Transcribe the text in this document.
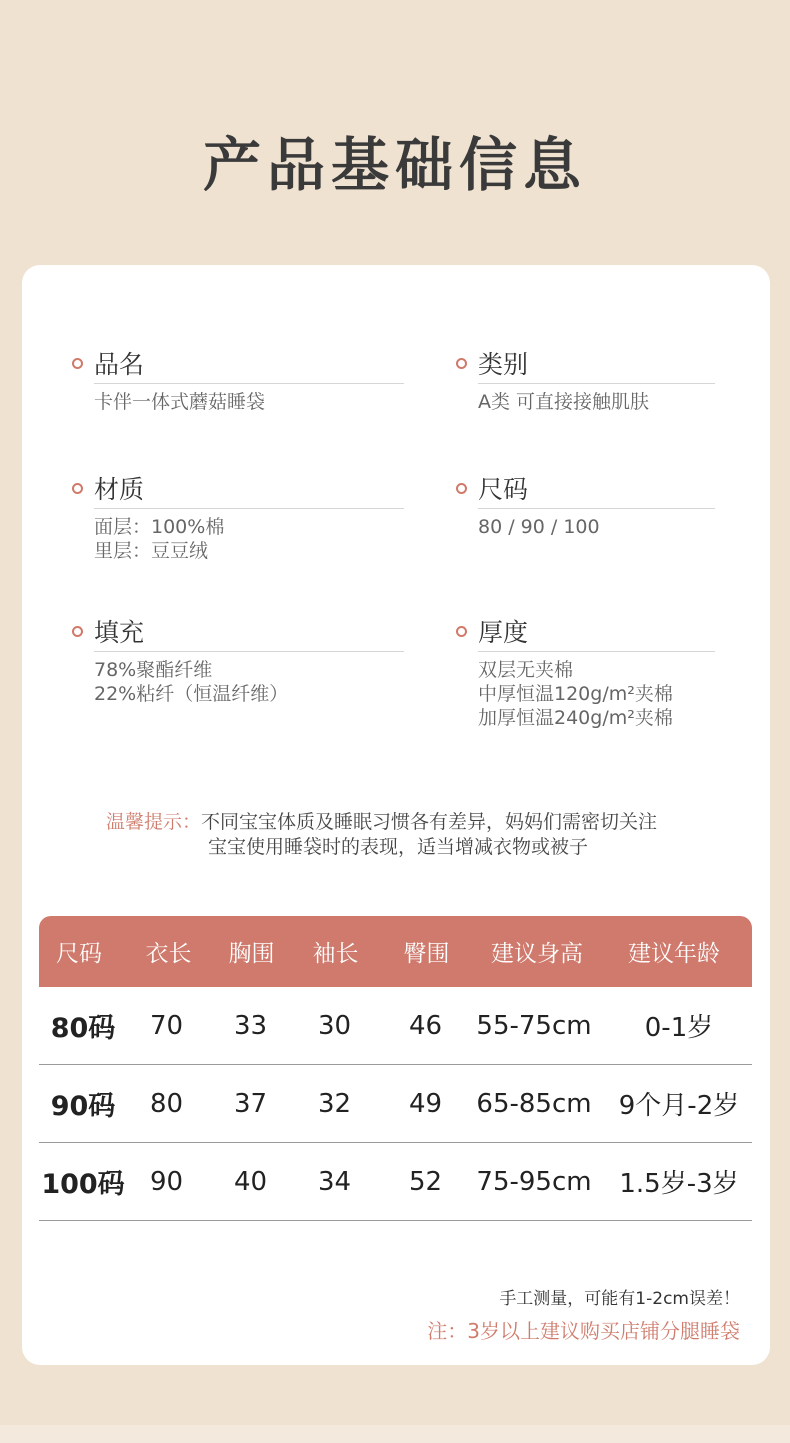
产品基础信息
品名
卡伴一体式蘑菇睡袋
类别
A类 可直接接触肌肤
材质
面层：100%棉
里层：豆豆绒
尺码
80 / 90 / 100
填充
78%聚酯纤维
22%粘纤（恒温纤维）
厚度
双层无夹棉
中厚恒温120g/m²夹棉
加厚恒温240g/m²夹棉
温馨提示：不同宝宝体质及睡眠习惯各有差异，妈妈们需密切关注
宝宝使用睡袋时的表现，适当增减衣物或被子
尺码	衣长	胸围	袖长	臀围	建议身高	建议年龄
80码	70	33	30	46	55-75cm	0-1岁
90码	80	37	32	49	65-85cm	9个月-2岁
100码 90	40	34	52	75-95cm	1.5岁-3岁
手工测量，可能有1-2cm误差！
注：3岁以上建议购买店铺分腿睡袋
